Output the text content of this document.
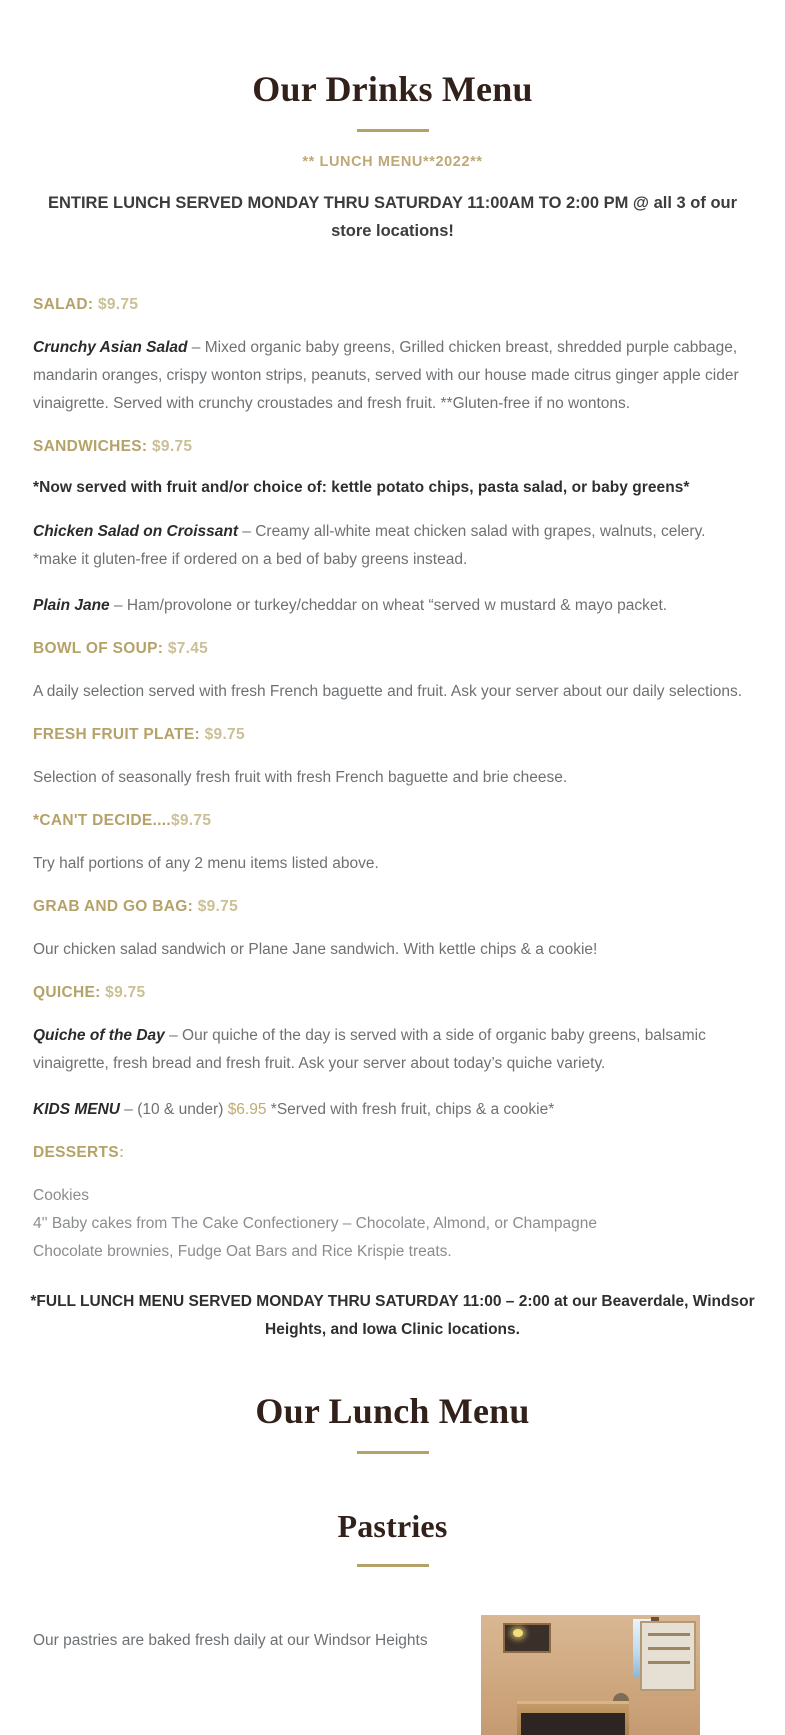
Our Drinks Menu
** LUNCH MENU**2022**
ENTIRE LUNCH SERVED MONDAY THRU SATURDAY 11:00AM TO 2:00 PM @ all 3 of our store locations!
SALAD: $9.75

Crunchy Asian Salad – Mixed organic baby greens, Grilled chicken breast, shredded purple cabbage, mandarin oranges, crispy wonton strips, peanuts, served with our house made citrus ginger apple cider vinaigrette. Served with crunchy croustades and fresh fruit. **Gluten-free if no wontons.

SANDWICHES: $9.75

*Now served with fruit and/or choice of: kettle potato chips, pasta salad, or baby greens*

Chicken Salad on Croissant – Creamy all-white meat chicken salad with grapes, walnuts, celery. *make it gluten-free if ordered on a bed of baby greens instead.

Plain Jane – Ham/provolone or turkey/cheddar on wheat “served w mustard & mayo packet.

BOWL OF SOUP: $7.45

A daily selection served with fresh French baguette and fruit. Ask your server about our daily selections.

FRESH FRUIT PLATE: $9.75

Selection of seasonally fresh fruit with fresh French baguette and brie cheese.

*CAN'T DECIDE....$9.75

Try half portions of any 2 menu items listed above.

GRAB AND GO BAG: $9.75

Our chicken salad sandwich or Plane Jane sandwich. With kettle chips & a cookie!

QUICHE: $9.75

Quiche of the Day – Our quiche of the day is served with a side of organic baby greens, balsamic vinaigrette, fresh bread and fresh fruit. Ask your server about today’s quiche variety.

KIDS MENU – (10 & under) $6.95 *Served with fresh fruit, chips & a cookie*

DESSERTS:
Cookies
4'' Baby cakes from The Cake Confectionery – Chocolate, Almond, or Champagne
Chocolate brownies, Fudge Oat Bars and Rice Krispie treats.

*FULL LUNCH MENU SERVED MONDAY THRU SATURDAY 11:00 – 2:00 at our Beaverdale, Windsor Heights, and Iowa Clinic locations.

Our Lunch Menu
Pastries
Our pastries are baked fresh daily at our Windsor Heights
